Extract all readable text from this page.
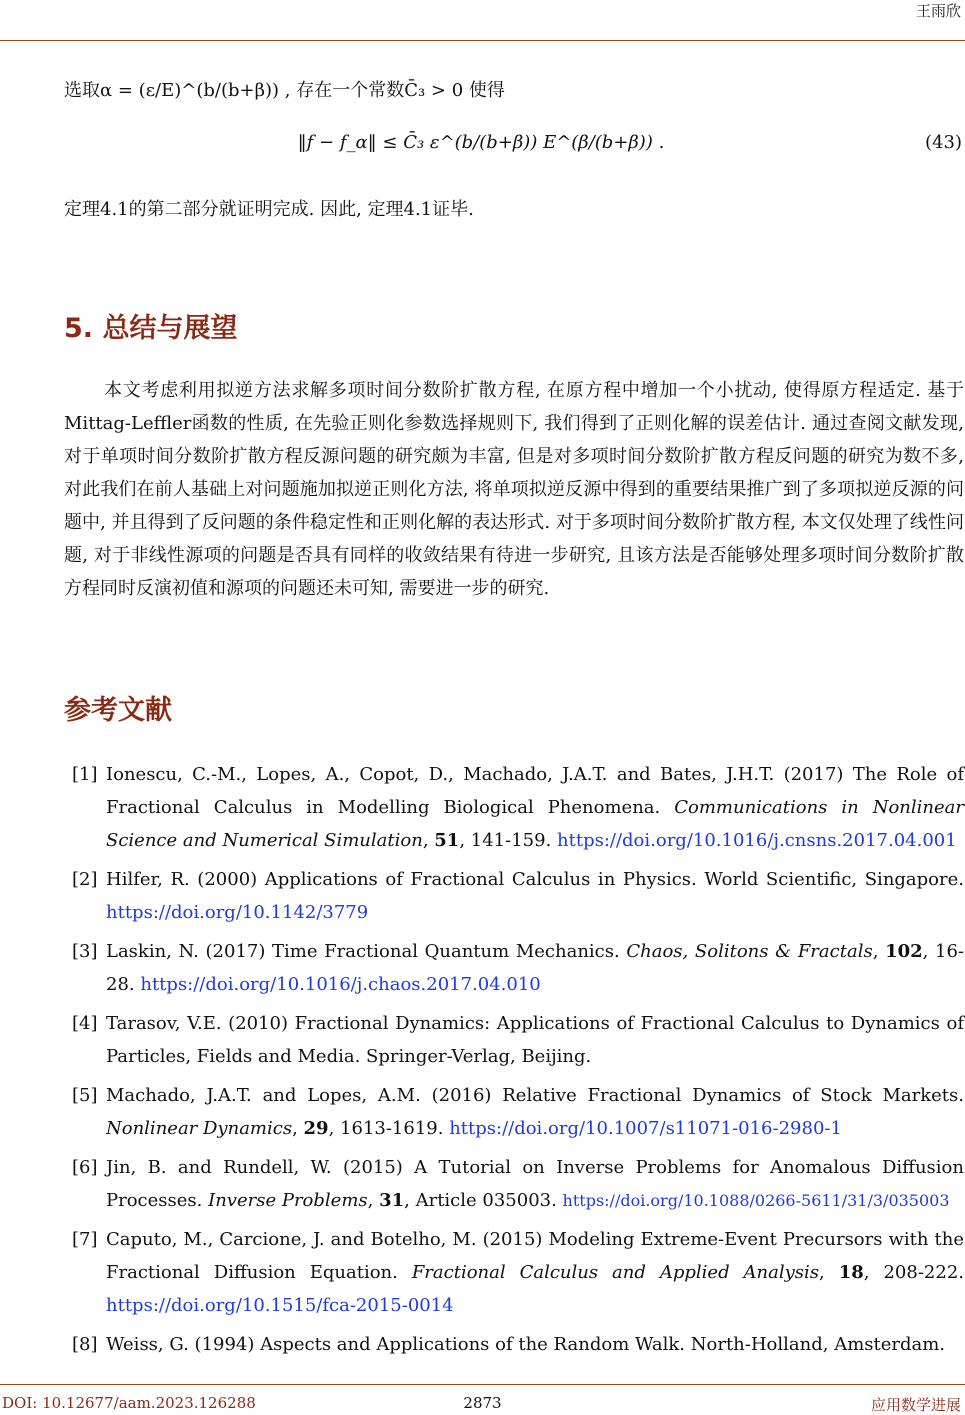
王雨欣
选取α = (ε/E)^(b/(b+β)) , 存在一个常数C̄₃ > 0 使得
‖f − f_α‖ ≤ C̄₃ ε^(b/(b+β)) E^(β/(b+β)) .	(43)
定理4.1的第二部分就证明完成. 因此, 定理4.1证毕.
5. 总结与展望
本文考虑利用拟逆方法求解多项时间分数阶扩散方程, 在原方程中增加一个小扰动, 使得原方程适定. 基于Mittag-Leffler函数的性质, 在先验正则化参数选择规则下, 我们得到了正则化解的误差估计. 通过查阅文献发现, 对于单项时间分数阶扩散方程反源问题的研究颇为丰富, 但是对多项时间分数阶扩散方程反问题的研究为数不多, 对此我们在前人基础上对问题施加拟逆正则化方法, 将单项拟逆反源中得到的重要结果推广到了多项拟逆反源的问题中, 并且得到了反问题的条件稳定性和正则化解的表达形式. 对于多项时间分数阶扩散方程, 本文仅处理了线性问题, 对于非线性源项的问题是否具有同样的收敛结果有待进一步研究, 且该方法是否能够处理多项时间分数阶扩散方程同时反演初值和源项的问题还未可知, 需要进一步的研究.
参考文献
[1] Ionescu, C.-M., Lopes, A., Copot, D., Machado, J.A.T. and Bates, J.H.T. (2017) The Role of Fractional Calculus in Modelling Biological Phenomena. Communications in Nonlinear Science and Numerical Simulation, 51, 141-159. https://doi.org/10.1016/j.cnsns.2017.04.001
[2] Hilfer, R. (2000) Applications of Fractional Calculus in Physics. World Scientific, Singapore. https://doi.org/10.1142/3779
[3] Laskin, N. (2017) Time Fractional Quantum Mechanics. Chaos, Solitons & Fractals, 102, 16-28. https://doi.org/10.1016/j.chaos.2017.04.010
[4] Tarasov, V.E. (2010) Fractional Dynamics: Applications of Fractional Calculus to Dynamics of Particles, Fields and Media. Springer-Verlag, Beijing.
[5] Machado, J.A.T. and Lopes, A.M. (2016) Relative Fractional Dynamics of Stock Markets. Nonlinear Dynamics, 29, 1613-1619. https://doi.org/10.1007/s11071-016-2980-1
[6] Jin, B. and Rundell, W. (2015) A Tutorial on Inverse Problems for Anomalous Diffusion Processes. Inverse Problems, 31, Article 035003. https://doi.org/10.1088/0266-5611/31/3/035003
[7] Caputo, M., Carcione, J. and Botelho, M. (2015) Modeling Extreme-Event Precursors with the Fractional Diffusion Equation. Fractional Calculus and Applied Analysis, 18, 208-222. https://doi.org/10.1515/fca-2015-0014
[8] Weiss, G. (1994) Aspects and Applications of the Random Walk. North-Holland, Amsterdam.
DOI: 10.12677/aam.2023.126288	2873	应用数学进展
